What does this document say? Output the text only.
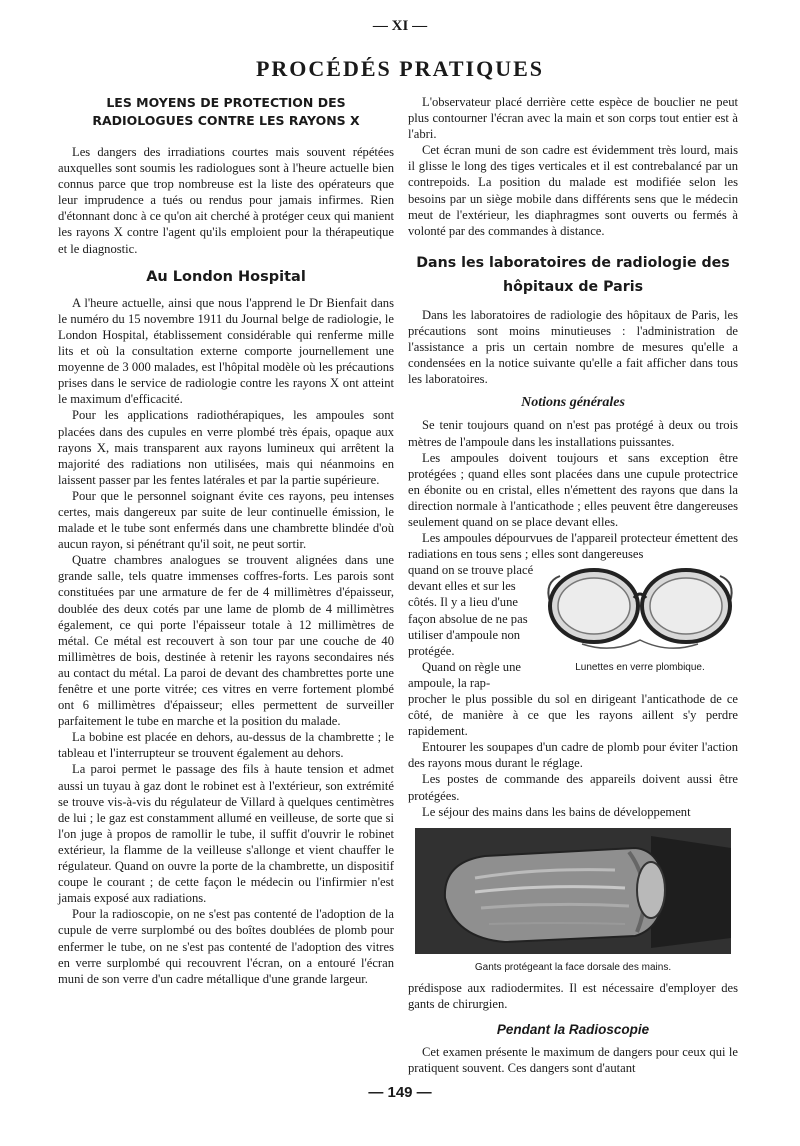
— XI —
PROCÉDÉS PRATIQUES
LES MOYENS DE PROTECTION DES RADIOLOGUES CONTRE LES RAYONS X

Les dangers des irradiations courtes mais souvent répétées auxquelles sont soumis les radiologues sont à l'heure actuelle bien connus parce que trop nombreuse est la liste des opérateurs que leur imprudence a tués ou rendus pour jamais infirmes. Rien d'étonnant donc à ce qu'on ait cherché à protéger ceux qui manient les rayons X contre l'agent qu'ils emploient pour la thérapeutique et le diagnostic.

Au London Hospital

A l'heure actuelle, ainsi que nous l'apprend le Dr Bienfait dans le numéro du 15 novembre 1911 du Journal belge de radiologie, le London Hospital, établissement considérable qui renferme mille lits et où la consultation externe comporte journellement une moyenne de 3 000 malades, est l'hôpital modèle où les précautions prises dans le service de radiologie contre les rayons X ont atteint le maximum d'efficacité.

Pour les applications radiothérapiques, les ampoules sont placées dans des cupules en verre plombé très épais, opaque aux rayons X, mais transparent aux rayons lumineux qui arrêtent la majorité des radiations non utilisées, mais qui néanmoins en laissent passer par les fentes latérales et par la partie supérieure.

Pour que le personnel soignant évite ces rayons, peu intenses certes, mais dangereux par suite de leur continuelle émission, le malade et le tube sont enfermés dans une chambrette blindée d'où aucun rayon, si pénétrant qu'il soit, ne peut sortir.

Quatre chambres analogues se trouvent alignées dans une grande salle, tels quatre immenses coffres-forts. Les parois sont constituées par une armature de fer de 4 millimètres d'épaisseur, doublée des deux cotés par une lame de plomb de 4 millimètres également, ce qui porte l'épaisseur totale à 12 millimètres de métal. Ce métal est recouvert à son tour par une couche de 40 millimètres de bois, destinée à retenir les rayons secondaires nés au contact du métal. La paroi de devant des chambrettes porte une fenêtre et une porte vitrée; ces vitres en verre fortement plombé ont 6 millimètres d'épaisseur; elles permettent de surveiller parfaitement le tube en marche et la position du malade.

La bobine est placée en dehors, au-dessus de la chambrette ; le tableau et l'interrupteur se trouvent également au dehors.

La paroi permet le passage des fils à haute tension et admet aussi un tuyau à gaz dont le robinet est à l'extérieur, son extrémité se trouve vis-à-vis du régulateur de Villard à quelques centimètres de lui ; le gaz est constamment allumé en veilleuse, de sorte que si l'on juge à propos de ramollir le tube, il suffit d'ouvrir le robinet extérieur, la flamme de la veilleuse s'allonge et vient chauffer le régulateur. Quand on ouvre la porte de la chambrette, un dispositif coupe le courant ; de cette façon le médecin ou l'infirmier n'est jamais exposé aux radiations.

Pour la radioscopie, on ne s'est pas contenté de l'adoption de la cupule de verre surplombé ou des boîtes doublées de plomb pour enfermer le tube, on ne s'est pas contenté de l'adoption des vitres en verre surplombé qui recouvrent l'écran, on a entouré l'écran muni de son verre d'un cadre métallique d'une grande largeur.

L'observateur placé derrière cette espèce de bouclier ne peut plus contourner l'écran avec la main et son corps tout entier est à l'abri.

Cet écran muni de son cadre est évidemment très lourd, mais il glisse le long des tiges verticales et il est contrebalancé par un contrepoids. La position du malade est modifiée selon les besoins par un siège mobile dans différents sens que le médecin meut de l'extérieur, les diaphragmes sont ouverts ou fermés à volonté par des commandes à distance.

Dans les laboratoires de radiologie des hôpitaux de Paris

Dans les laboratoires de radiologie des hôpitaux de Paris, les précautions sont moins minutieuses : l'administration de l'assistance a pris un certain nombre de mesures qu'elle a condensées en la notice suivante qu'elle a fait afficher dans tous les laboratoires.

Notions générales

Se tenir toujours quand on n'est pas protégé à deux ou trois mètres de l'ampoule dans les installations puissantes.

Les ampoules doivent toujours et sans exception être protégées ; quand elles sont placées dans une cupule protectrice en ébonite ou en cristal, elles n'émettent des rayons que dans la direction normale à l'anticathode ; elles peuvent être dangereuses seulement quand on se place devant elles.

Les ampoules dépourvues de l'appareil protecteur émettent des radiations en tous sens ; elles sont dangereuses

quand on se trouve placé devant elles et sur les côtés. Il y a lieu d'une façon absolue de ne pas utiliser d'ampoule non protégée.

Quand on règle une ampoule, la rap-

Lunettes en verre plombique.

procher le plus possible du sol en dirigeant l'anticathode de ce côté, de manière à ce que les rayons aillent s'y perdre rapidement.

Entourer les soupapes d'un cadre de plomb pour éviter l'action des rayons mous durant le réglage.

Les postes de commande des appareils doivent aussi être protégées.

Le séjour des mains dans les bains de développement

Gants protégeant la face dorsale des mains.

prédispose aux radiodermites. Il est nécessaire d'employer des gants de chirurgien.

Pendant la Radioscopie

Cet examen présente le maximum de dangers pour ceux qui le pratiquent souvent. Ces dangers sont d'autant

— 149 —
